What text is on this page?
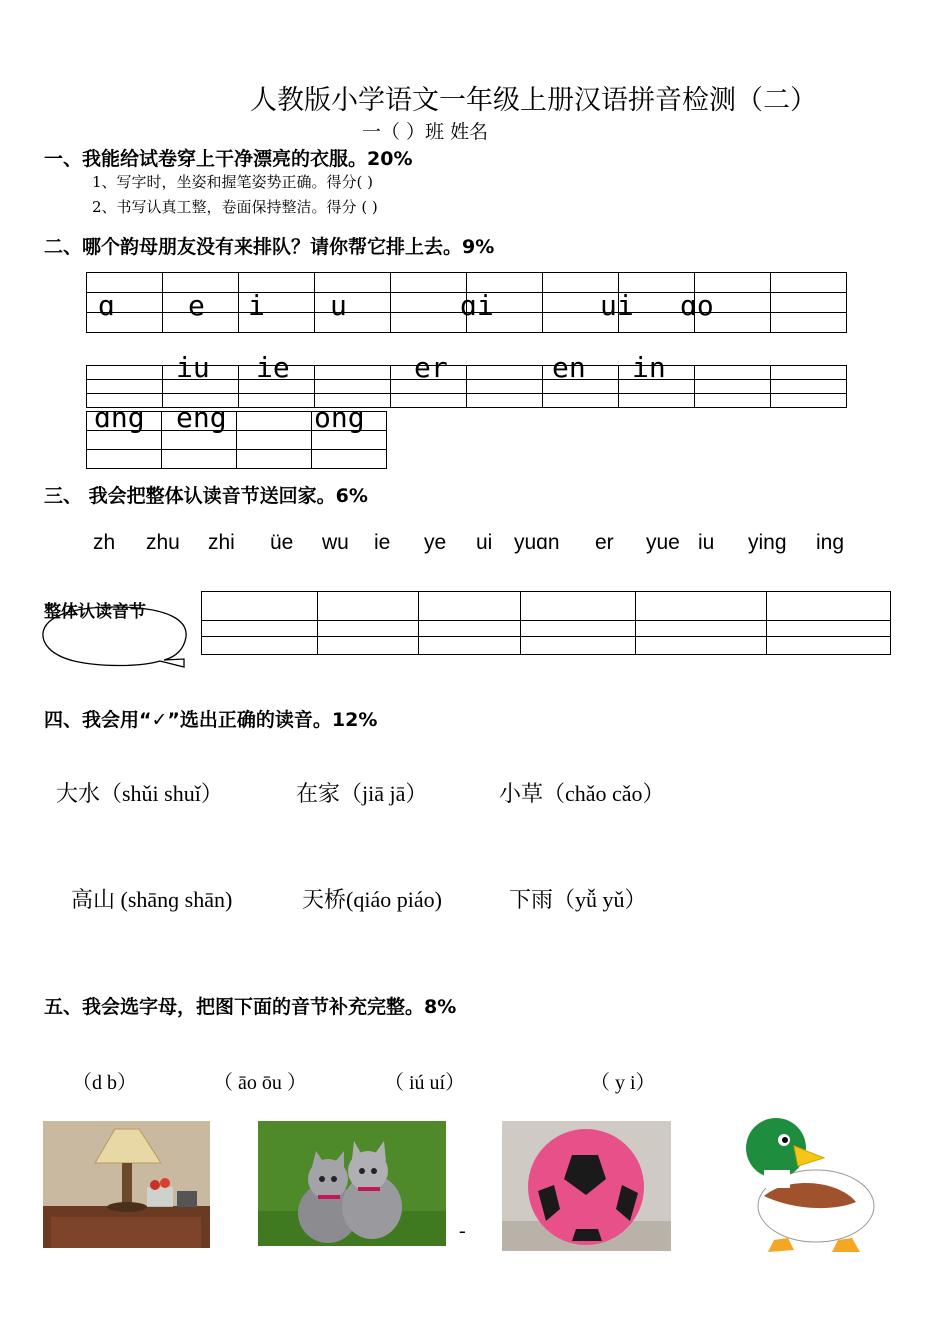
人教版小学语文一年级上册汉语拼音检测（二）
一（ ）班 姓名
一、我能给试卷穿上干净漂亮的衣服。20%
1、写字时，坐姿和握笔姿势正确。得分( )
2、书写认真工整，卷面保持整洁。得分 ( )
二、哪个韵母朋友没有来排队？请你帮它排上去。9%

ɑ	e i u	ɑi	ui ɑo

iu ie	er	en in

ɑng eng	ong
三、 我会把整体认读音节送回家。6%
zh zhu zhi üe wu ie ye ui yuɑn er yue iu ying ing
整体认读音节

四、我会用“✓”选出正确的读音。12%
大水（shǔi shuǐ）	在家（jiā jā）	小草（chǎo cǎo）
高山 (shānɡ shān)	天桥(qiáo piáo)	下雨（yǚ yǔ）
五、我会选字母，把图下面的音节补充完整。8%
（d b）	（ āo ōu ）	（ iú uí）	（ y i）
-
